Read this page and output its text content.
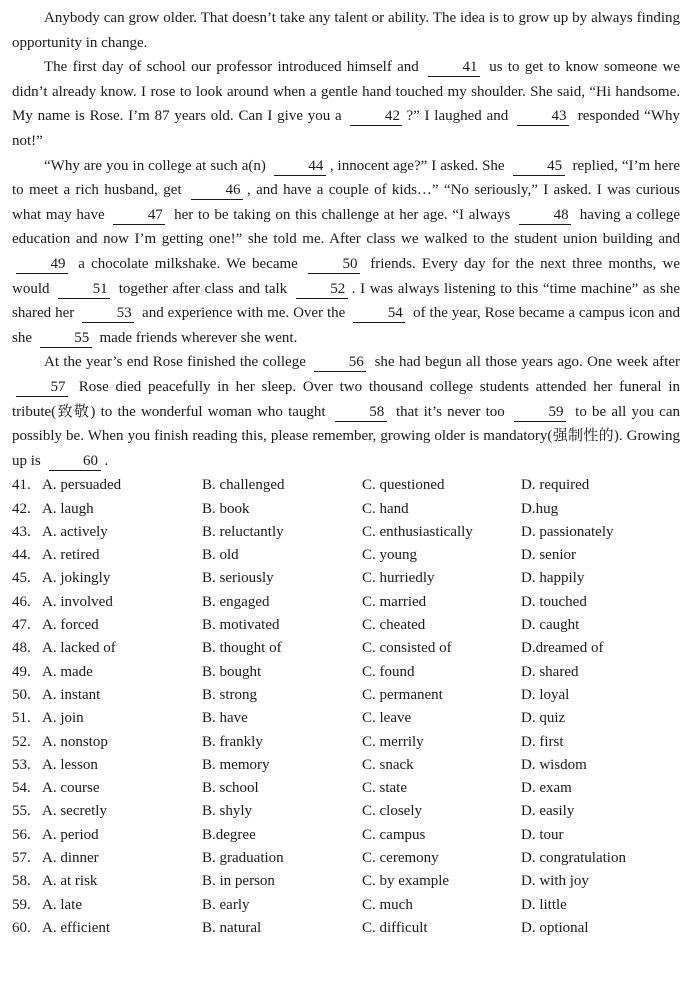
Anybody can grow older. That doesn’t take any talent or ability. The idea is to grow up by always finding opportunity in change.

The first day of school our professor introduced himself and	41 us to get to know someone we didn’t already know. I rose to look around when a gentle hand touched my shoulder. She said, “Hi handsome. My name is Rose. I’m 87 years old. Can I give you a	42 ?” I laughed and	43 responded “Why not!”

“Why are you in college at such a(n)	44 , innocent age?” I asked. She	45 replied, “I’m here to meet a rich husband, get	46 , and have a couple of kids…” “No seriously,” I asked. I was curious what may have	47 her to be taking on this challenge at her age. “I always	48 having a college education and now I’m getting one!” she told me. After class we walked to the student union building and 49 a chocolate milkshake. We became	50 friends. Every day for the next three months, we would	51 together after class and talk	52 . I was always listening to this “time machine” as she shared her	53 and experience with me. Over the	54 of the year, Rose became a campus icon and she	55 made friends wherever she went.

At the year’s end Rose finished the college	56 she had begun all those years ago. One week after 57 Rose died peacefully in her sleep. Over two thousand college students attended her funeral in tribute(致敬) to the wonderful woman who taught	58 that it’s never too	59 to be all you can possibly be. When you finish reading this, please remember, growing older is mandatory(强制性的). Growing up is	60 .

41. A. persuaded	B. challenged	C. questioned	D. required
42. A. laugh	B. book	C. hand	D.hug
43. A. actively	B. reluctantly	C. enthusiastically	D. passionately
44. A. retired	B. old	C. young	D. senior
45. A. jokingly	B. seriously	C. hurriedly	D. happily
46. A. involved	B. engaged	C. married	D. touched
47. A. forced	B. motivated	C. cheated	D. caught
48. A. lacked of	B. thought of	C. consisted of	D.dreamed of
49. A. made	B. bought	C. found	D. shared
50. A. instant	B. strong	C. permanent	D. loyal
51. A. join	B. have	C. leave	D. quiz
52. A. nonstop	B. frankly	C. merrily	D. first
53. A. lesson	B. memory	C. snack	D. wisdom
54. A. course	B. school	C. state	D. exam
55. A. secretly	B. shyly	C. closely	D. easily
56. A. period	B.degree	C. campus	D. tour
57. A. dinner	B. graduation	C. ceremony	D. congratulation
58. A. at risk	B. in person	C. by example	D. with joy
59. A. late	B. early	C. much	D. little
60. A. efficient	B. natural	C. difficult	D. optional
